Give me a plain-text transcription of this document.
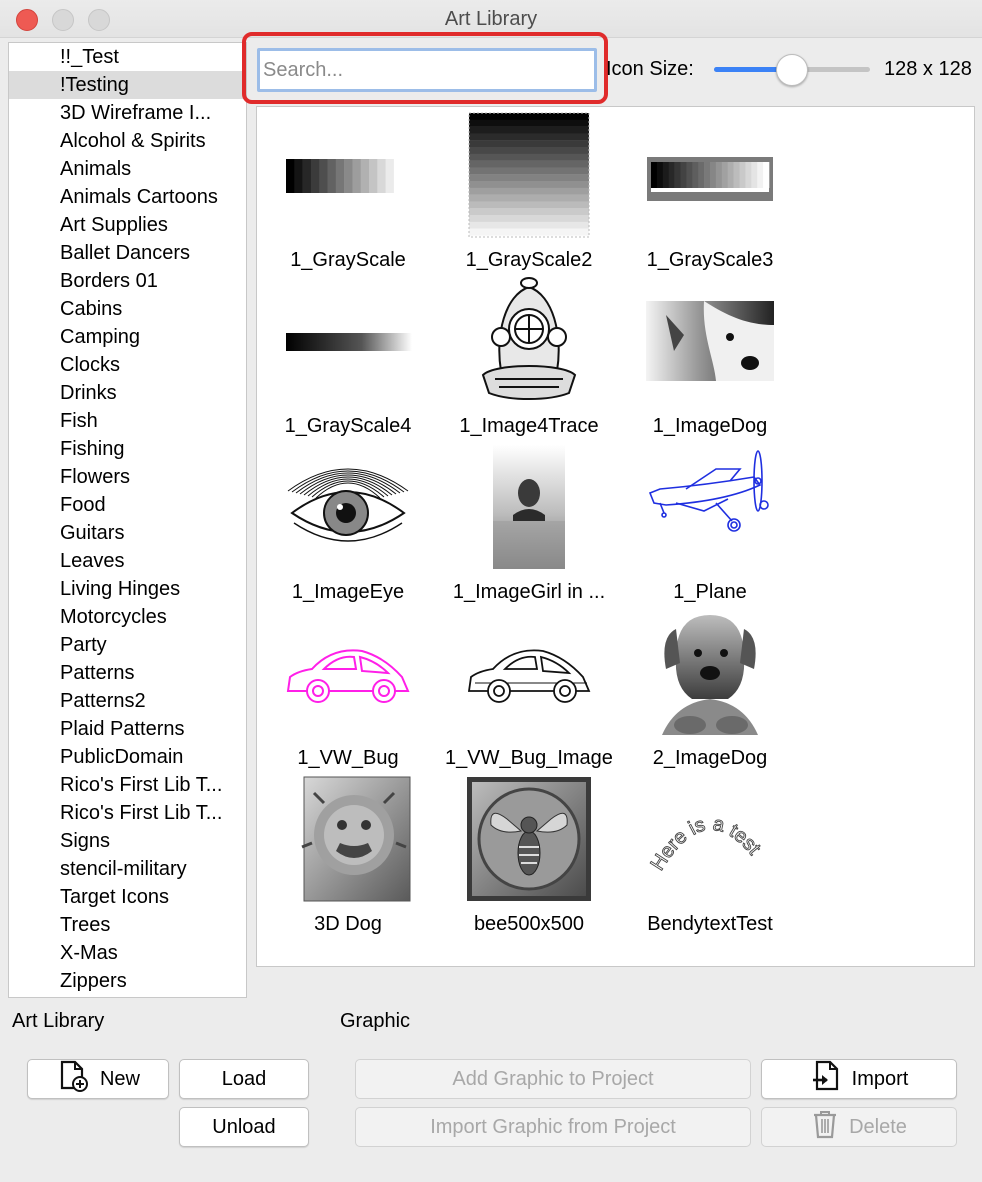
Art Library
!!_Test
!Testing
3D Wireframe I...
Alcohol & Spirits
Animals
Animals Cartoons
Art Supplies
Ballet Dancers
Borders 01
Cabins
Camping
Clocks
Drinks
Fish
Fishing
Flowers
Food
Guitars
Leaves
Living Hinges
Motorcycles
Party
Patterns
Patterns2
Plaid Patterns
PublicDomain
Rico's First Lib T...
Rico's First Lib T...
Signs
stencil-military
Target Icons
Trees
X-Mas
Zippers
Search...
Icon Size:	128 x 128
1_GrayScale	1_GrayScale2	1_GrayScale3
1_GrayScale4	1_Image4Trace	1_ImageDog
1_ImageEye	1_ImageGirl in ...	1_Plane
1_VW_Bug	1_VW_Bug_Image	2_ImageDog
3D Dog	bee500x500
Here is a test
BendytextTest
Art Library	Graphic
New	Load
Unload
Add Graphic to Project
Import Graphic from Project
Import
Delete
